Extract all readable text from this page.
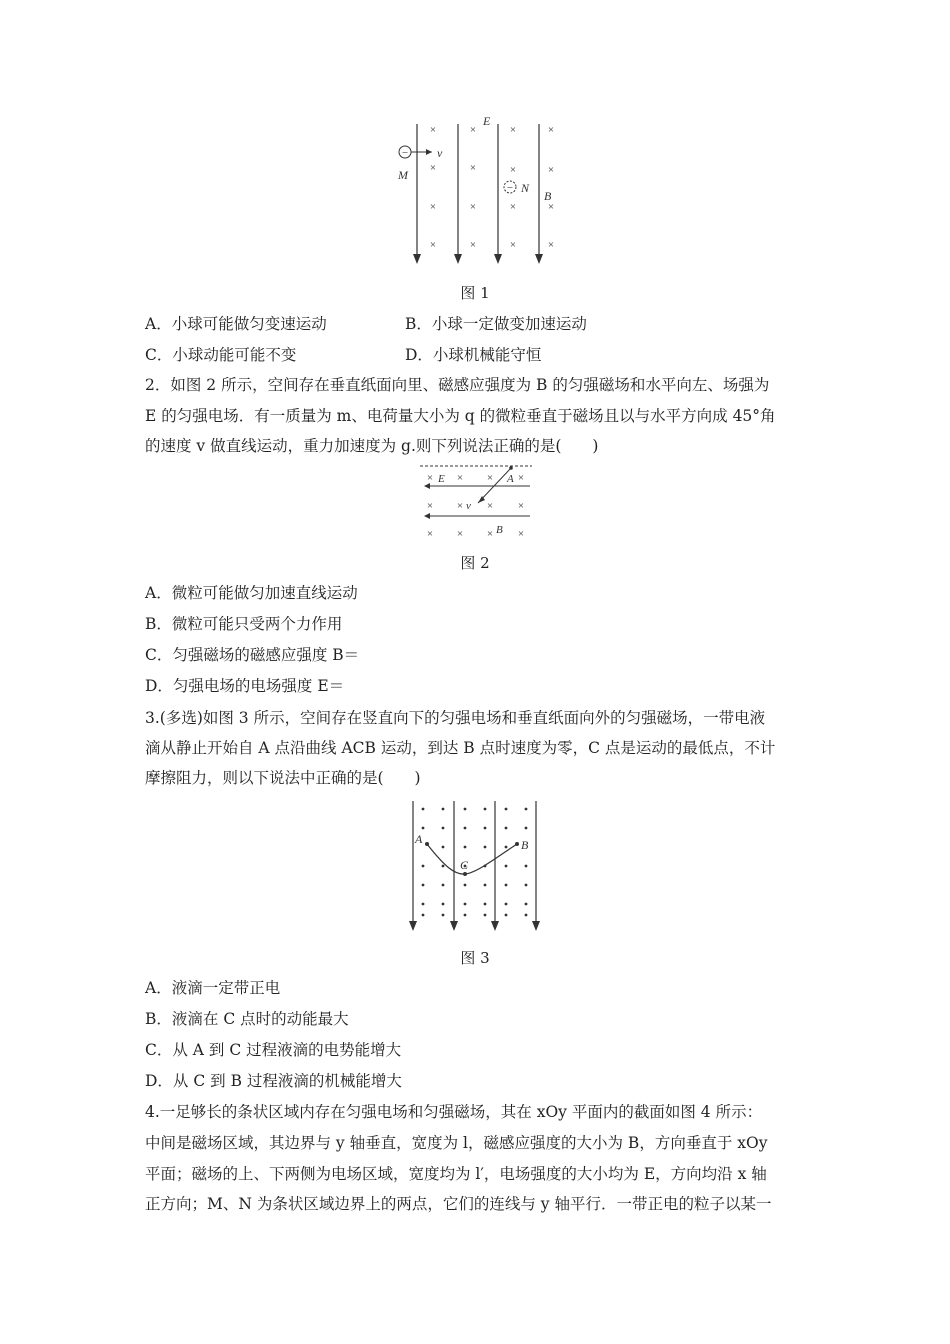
×	×	×	×
×	×	×	×
×	×	×	×
×	×	×	×
E
v
M
N
B
−
−
图 1
A．小球可能做匀变速运动	B．小球一定做变加速运动
C．小球动能可能不变	D．小球机械能守恒
2．如图 2 所示，空间存在垂直纸面向里、磁感应强度为 B 的匀强磁场和水平向左、场强为
E 的匀强电场．有一质量为 m、电荷量大小为 q 的微粒垂直于磁场且以与水平方向成 45°角
的速度 v 做直线运动，重力加速度为 g.则下列说法正确的是(　　)
× × × ×
× × × ×
× × × ×
E	A
v
B
图 2
A．微粒可能做匀加速直线运动
B．微粒可能只受两个力作用
C．匀强磁场的磁感应强度 B＝
D．匀强电场的电场强度 E＝
3.(多选)如图 3 所示，空间存在竖直向下的匀强电场和垂直纸面向外的匀强磁场，一带电液
滴从静止开始自 A 点沿曲线 ACB 运动，到达 B 点时速度为零，C 点是运动的最低点，不计
摩擦阻力，则以下说法中正确的是(　　)
A
C
B
图 3
A．液滴一定带正电
B．液滴在 C 点时的动能最大
C．从 A 到 C 过程液滴的电势能增大
D．从 C 到 B 过程液滴的机械能增大
4.一足够长的条状区域内存在匀强电场和匀强磁场，其在 xOy 平面内的截面如图 4 所示：
中间是磁场区域，其边界与 y 轴垂直，宽度为 l，磁感应强度的大小为 B，方向垂直于 xOy
平面；磁场的上、下两侧为电场区域，宽度均为 l′，电场强度的大小均为 E，方向均沿 x 轴
正方向；M、N 为条状区域边界上的两点，它们的连线与 y 轴平行．一带正电的粒子以某一
